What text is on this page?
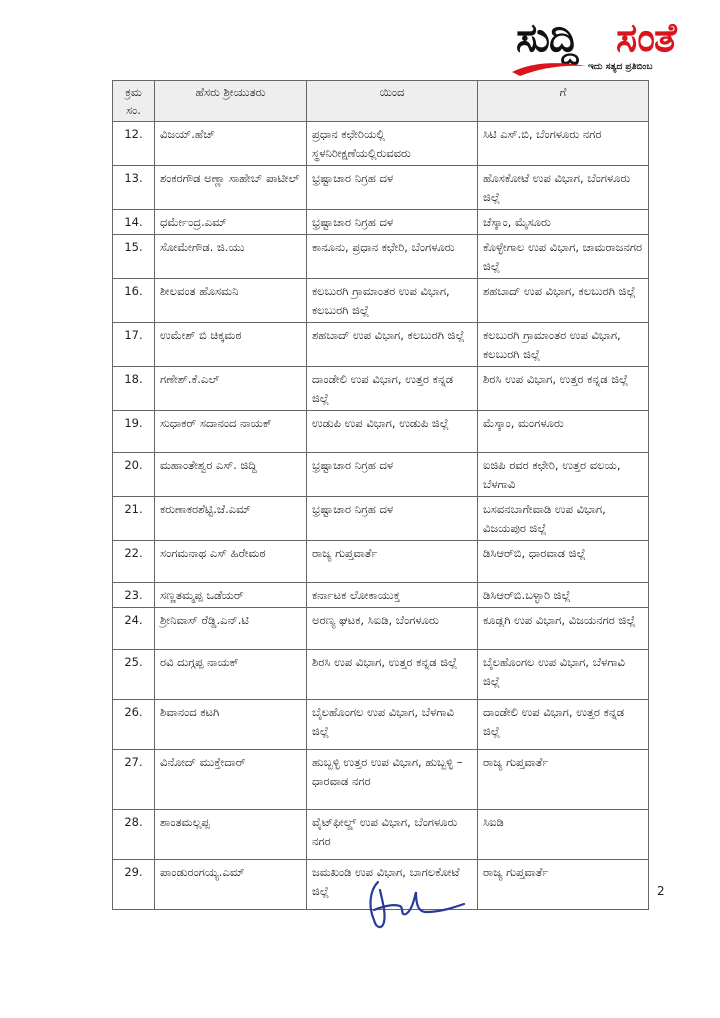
ಸುದ್ದಿ ಸಂತೆ
ಇದು ಸತ್ಯದ ಪ್ರತಿಬಿಂಬ
ಕ್ರಮ ಸಂ.	ಹೆಸರು ಶ್ರೀಯುತರು	ಯಿಂದ	ಗೆ
12.	ವಿಜಯ್.ಹೆಚ್	ಪ್ರಧಾನ ಕಛೇರಿಯಲ್ಲಿ ಸ್ಥಳನಿರೀಕ್ಷಣೆಯಲ್ಲಿರುವವರು	ಸಿಟಿ ಎಸ್.ಬಿ, ಬೆಂಗಳೂರು ನಗರ
13.	ಶಂಕರಗೌಡ ಅಣ್ಣಾ ಸಾಹೇಬ್ ಪಾಟೀಲ್	ಭ್ರಷ್ಟಾಚಾರ ನಿಗ್ರಹ ದಳ	ಹೊಸಕೋಟೆ ಉಪ ವಿಭಾಗ, ಬೆಂಗಳೂರು ಜಿಲ್ಲೆ
14.	ಧರ್ಮೇಂದ್ರ.ಎಮ್	ಭ್ರಷ್ಟಾಚಾರ ನಿಗ್ರಹ ದಳ	ಚೆಸ್ಕಾಂ, ಮೈಸೂರು
15.	ಸೋಮೇಗೌಡ. ಜಿ.ಯು	ಕಾನೂನು, ಪ್ರಧಾನ ಕಛೇರಿ, ಬೆಂಗಳೂರು	ಕೊಳ್ಳೇಗಾಲ ಉಪ ವಿಭಾಗ, ಚಾಮರಾಜನಗರ ಜಿಲ್ಲೆ
16.	ಶೀಲವಂತ ಹೊಸಮನಿ	ಕಲಬುರಗಿ ಗ್ರಾಮಾಂತರ ಉಪ ವಿಭಾಗ, ಕಲಬುರಗಿ ಜಿಲ್ಲೆ	ಶಹಬಾದ್ ಉಪ ವಿಭಾಗ, ಕಲಬುರಗಿ ಜಿಲ್ಲೆ
17.	ಉಮೇಶ್ ಬಿ ಚಿಕ್ಕಮಠ	ಶಹಬಾದ್ ಉಪ ವಿಭಾಗ, ಕಲಬುರಗಿ ಜಿಲ್ಲೆ	ಕಲಬುರಗಿ ಗ್ರಾಮಾಂತರ ಉಪ ವಿಭಾಗ, ಕಲಬುರಗಿ ಜಿಲ್ಲೆ
18.	ಗಣೇಶ್.ಕೆ.ಎಲ್	ದಾಂಡೇಲಿ ಉಪ ವಿಭಾಗ, ಉತ್ತರ ಕನ್ನಡ ಜಿಲ್ಲೆ	ಶಿರಸಿ ಉಪ ವಿಭಾಗ, ಉತ್ತರ ಕನ್ನಡ ಜಿಲ್ಲೆ
19.	ಸುಧಾಕರ್ ಸದಾನಂದ ನಾಯಕ್	ಉಡುಪಿ ಉಪ ವಿಭಾಗ, ಉಡುಪಿ ಜಿಲ್ಲೆ	ಮೆಸ್ಕಾಂ, ಮಂಗಳೂರು
20.	ಮಹಾಂತೇಶ್ವರ ಎಸ್. ಜಿದ್ದಿ	ಭ್ರಷ್ಟಾಚಾರ ನಿಗ್ರಹ ದಳ	ಐಜಿಪಿ ರವರ ಕಛೇರಿ, ಉತ್ತರ ವಲಯ, ಬೆಳಗಾವಿ
21.	ಕರುಣಾಕರಶೆಟ್ಟಿ.ಜೆ.ಎಮ್	ಭ್ರಷ್ಟಾಚಾರ ನಿಗ್ರಹ ದಳ	ಬಸವನಬಾಗೇವಾಡಿ ಉಪ ವಿಭಾಗ, ವಿಜಯಪುರ ಜಿಲ್ಲೆ
22.	ಸಂಗಮನಾಥ ಎಸ್ ಹಿರೇಮಠ	ರಾಜ್ಯ ಗುಪ್ತವಾರ್ತೆ	ಡಿಸಿಆರ್‌ಬಿ, ಧಾರವಾಡ ಜಿಲ್ಲೆ
23.	ಸಣ್ಣತಮ್ಮಪ್ಪ ಒಡೆಯರ್	ಕರ್ನಾಟಕ ಲೋಕಾಯುಕ್ತ	ಡಿಸಿಆರ್‌ಬಿ.ಬಳ್ಳಾರಿ ಜಿಲ್ಲೆ
24.	ಶ್ರೀನಿವಾಸ್ ರೆಡ್ಡಿ.ಎನ್.ಟಿ	ಅರಣ್ಯ ಘಟಕ, ಸಿಐಡಿ, ಬೆಂಗಳೂರು	ಕೂಡ್ಲಗಿ ಉಪ ವಿಭಾಗ, ವಿಜಯನಗರ ಜಿಲ್ಲೆ
25.	ರವಿ ದುಗ್ಗಪ್ಪ ನಾಯಕ್	ಶಿರಸಿ ಉಪ ವಿಭಾಗ, ಉತ್ತರ ಕನ್ನಡ ಜಿಲ್ಲೆ	ಬೈಲಹೊಂಗಲ ಉಪ ವಿಭಾಗ, ಬೆಳಗಾವಿ ಜಿಲ್ಲೆ
26.	ಶಿವಾನಂದ ಕಟಗಿ	ಬೈಲಹೊಂಗಲ ಉಪ ವಿಭಾಗ, ಬೆಳಗಾವಿ ಜಿಲ್ಲೆ	ದಾಂಡೇಲಿ ಉಪ ವಿಭಾಗ, ಉತ್ತರ ಕನ್ನಡ ಜಿಲ್ಲೆ
27.	ವಿನೋದ್ ಮುಕ್ತೇದಾರ್	ಹುಬ್ಬಳ್ಳಿ ಉತ್ತರ ಉಪ ವಿಭಾಗ, ಹುಬ್ಬಳ್ಳಿ –ಧಾರವಾಡ ನಗರ	ರಾಜ್ಯ ಗುಪ್ತವಾರ್ತೆ
28.	ಶಾಂತಮಲ್ಲಪ್ಪ	ವೈಟ್‌ಫೀಲ್ಡ್ ಉಪ ವಿಭಾಗ, ಬೆಂಗಳೂರು ನಗರ	ಸಿಐಡಿ
29.	ಪಾಂಡುರಂಗಯ್ಯ.ಎಮ್	ಜಮಖಂಡಿ ಉಪ ವಿಭಾಗ, ಬಾಗಲಕೋಟೆ ಜಿಲ್ಲೆ	ರಾಜ್ಯ ಗುಪ್ತವಾರ್ತೆ
2
